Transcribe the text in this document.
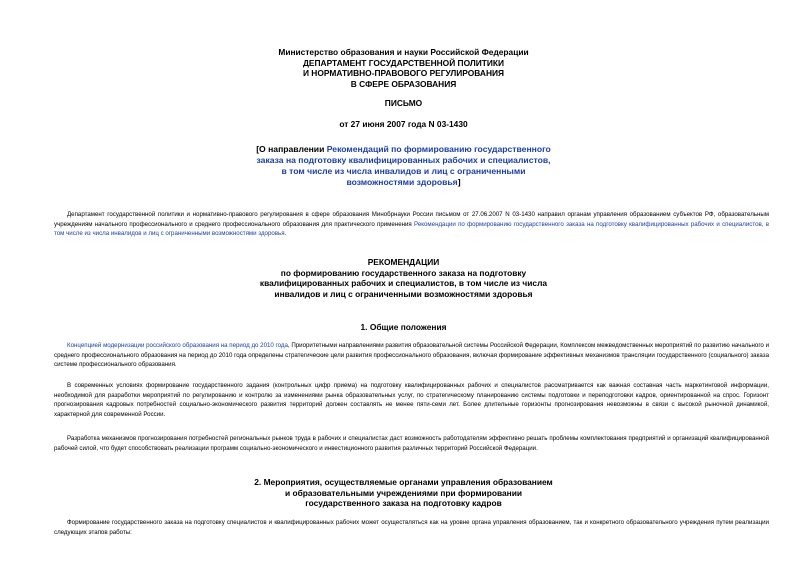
Министерство образования и науки Российской Федерации
ДЕПАРТАМЕНТ ГОСУДАРСТВЕННОЙ ПОЛИТИКИ
И НОРМАТИВНО-ПРАВОВОГО РЕГУЛИРОВАНИЯ
В СФЕРЕ ОБРАЗОВАНИЯ
ПИСЬМО
от 27 июня 2007 года N 03-1430
[О направлении Рекомендаций по формированию государственного
заказа на подготовку квалифицированных рабочих и специалистов,
в том числе из числа инвалидов и лиц с ограниченными
возможностями здоровья]

Департамент государственной политики и нормативно-правового регулирования в сфере образования Минобрнауки России письмом от 27.06.2007 N 03-1430 направил органам управления образованием субъектов РФ, образовательным учреждениям начального профессионального и среднего профессионального образования для практического применения Рекомендации по формированию государственного заказа на подготовку квалифицированных рабочих и специалистов, в том числе из числа инвалидов и лиц с ограниченными возможностями здоровья.

РЕКОМЕНДАЦИИ
по формированию государственного заказа на подготовку
квалифицированных рабочих и специалистов, в том числе из числа
инвалидов и лиц с ограниченными возможностями здоровья
1. Общие положения

Концепцией модернизации российского образования на период до 2010 года, Приоритетными направлениями развития образовательной системы Российской Федерации, Комплексом межведомственных мероприятий по развитию начального и среднего профессионального образования на период до 2010 года определены стратегические цели развития профессионального образования, включая формирование эффективных механизмов трансляции государственного (социального) заказа системе профессионального образования.

В современных условиях формирование государственного задания (контрольных цифр приема) на подготовку квалифицированных рабочих и специалистов рассматривается как важная составная часть маркетинговой информации, необходимой для разработки мероприятий по регулированию и контролю за изменениями рынка образовательных услуг, по стратегическому планированию системы подготовки и переподготовки кадров, ориентированной на спрос. Горизонт прогнозирования кадровых потребностей социально-экономического развития территорий должен составлять не менее пяти-семи лет. Более длительные горизонты прогнозирования невозможны в связи с высокой рыночной динамикой, характерной для современной России.

Разработка механизмов прогнозирования потребностей региональных рынков труда в рабочих и специалистах даст возможность работодателям эффективно решать проблемы комплектования предприятий и организаций квалифицированной рабочей силой, что будет способствовать реализации программ социально-экономического и инвестиционного развития различных территорий Российской Федерации.

2. Мероприятия, осуществляемые органами управления образованием
и образовательными учреждениями при формировании
государственного заказа на подготовку кадров

Формирование государственного заказа на подготовку специалистов и квалифицированных рабочих может осуществляться как на уровне органа управления образованием, так и конкретного образовательного учреждения путем реализации следующих этапов работы:
